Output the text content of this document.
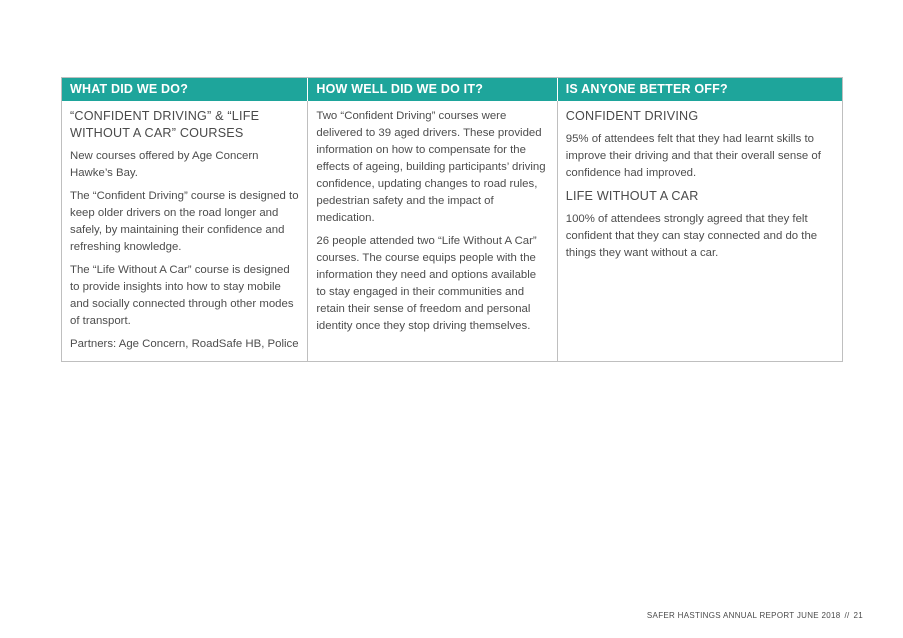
WHAT DID WE DO?	HOW WELL DID WE DO IT?	IS ANYONE BETTER OFF?

“CONFIDENT DRIVING” & “LIFE WITHOUT A CAR” COURSES

New courses offered by Age Concern Hawke’s Bay.

The “Confident Driving” course is designed to keep older drivers on the road longer and safely, by maintaining their confidence and refreshing knowledge.

The “Life Without A Car” course is designed to provide insights into how to stay mobile and socially connected through other modes of transport.

Partners: Age Concern, RoadSafe HB, Police

Two “Confident Driving” courses were delivered to 39 aged drivers. These provided information on how to compensate for the effects of ageing, building participants’ driving confidence, updating changes to road rules, pedestrian safety and the impact of medication.

26 people attended two “Life Without A Car” courses. The course equips people with the information they need and options available to stay engaged in their communities and retain their sense of freedom and personal identity once they stop driving themselves.

CONFIDENT DRIVING

95% of attendees felt that they had learnt skills to improve their driving and that their overall sense of confidence had improved.

LIFE WITHOUT A CAR

100% of attendees strongly agreed that they felt confident that they can stay connected and do the things they want without a car.

SAFER HASTINGS ANNUAL REPORT JUNE 2018 // 21
